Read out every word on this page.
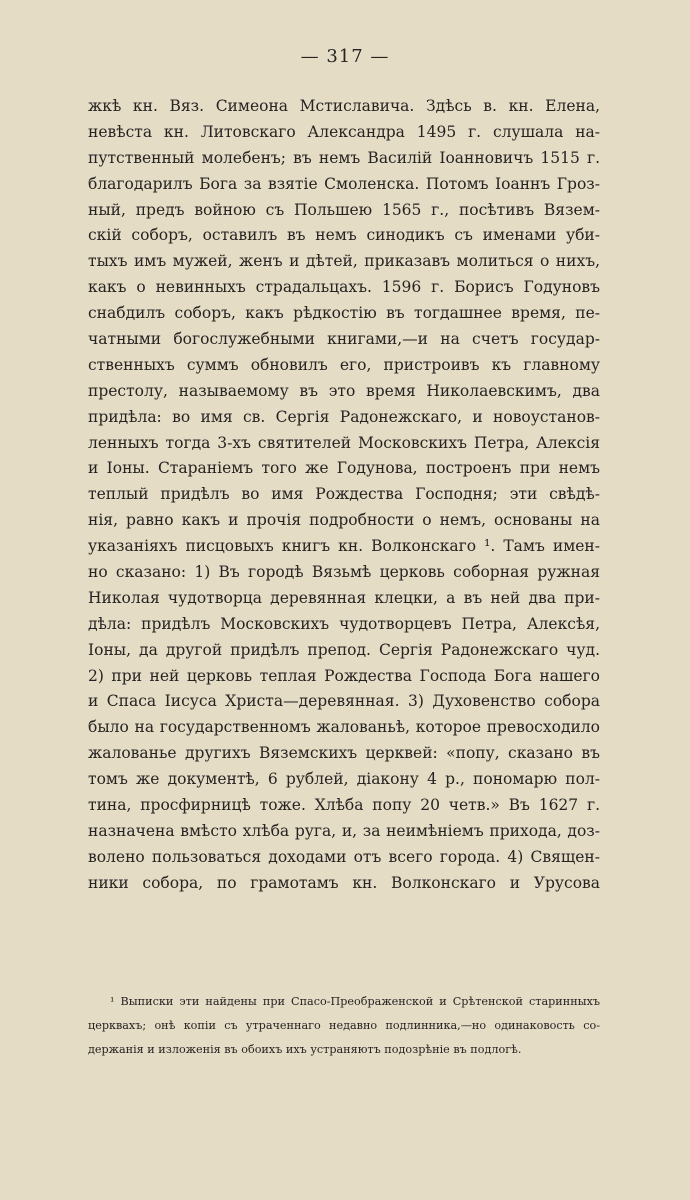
— 317 —
жкѣ кн. Вяз. Симеона Мстиславича. Здѣсь в. кн. Елена,
невѣста кн. Литовскаго Александра 1495 г. слушала на-
путственный молебенъ; въ немъ Василій Іоанновичъ 1515 г.
благодарилъ Бога за взятіе Смоленска. Потомъ Іоаннъ Гроз-
ный, предъ войною съ Польшею 1565 г., посѣтивъ Вязем-
скій соборъ, оставилъ въ немъ синодикъ съ именами уби-
тыхъ имъ мужей, женъ и дѣтей, приказавъ молиться о нихъ,
какъ о невинныхъ страдальцахъ. 1596 г. Борисъ Годуновъ
снабдилъ соборъ, какъ рѣдкостію въ тогдашнее время, пе-
чатными богослужебными книгами,—и на счетъ государ-
ственныхъ суммъ обновилъ его, пристроивъ къ главному
престолу, называемому въ это время Николаевскимъ, два
придѣла: во имя св. Сергія Радонежскаго, и новоустанов-
ленныхъ тогда 3-хъ святителей Московскихъ Петра, Алексія
и Іоны. Стараніемъ того же Годунова, построенъ при немъ
теплый придѣлъ во имя Рождества Господня; эти свѣдѣ-
нія, равно какъ и прочія подробности о немъ, основаны на
указаніяхъ писцовыхъ книгъ кн. Волконскаго ¹. Тамъ имен-
но сказано: 1) Въ городѣ Вязьмѣ церковь соборная ружная
Николая чудотворца деревянная клецки, а въ ней два при-
дѣла: придѣлъ Московскихъ чудотворцевъ Петра, Алексѣя,
Іоны, да другой придѣлъ препод. Сергія Радонежскаго чуд.
2) при ней церковь теплая Рождества Господа Бога нашего
и Спаса Іисуса Христа—деревянная. 3) Духовенство собора
было на государственномъ жалованьѣ, которое превосходило
жалованье другихъ Вяземскихъ церквей: «попу, сказано въ
томъ же документѣ, 6 рублей, діакону 4 р., пономарю пол-
тина, просфирницѣ тоже. Хлѣба попу 20 четв.» Въ 1627 г.
назначена вмѣсто хлѣба руга, и, за неимѣніемъ прихода, доз-
волено пользоваться доходами отъ всего города. 4) Священ-
ники собора, по грамотамъ кн. Волконскаго и Урусова
¹ Выписки эти найдены при Спасо-Преображенской и Срѣтенской старинныхъ
церквахъ; онѣ копіи съ утраченнаго недавно подлинника,—но одинаковость со-
держанія и изложенія въ обоихъ ихъ устраняютъ подозрѣніе въ подлогѣ.
